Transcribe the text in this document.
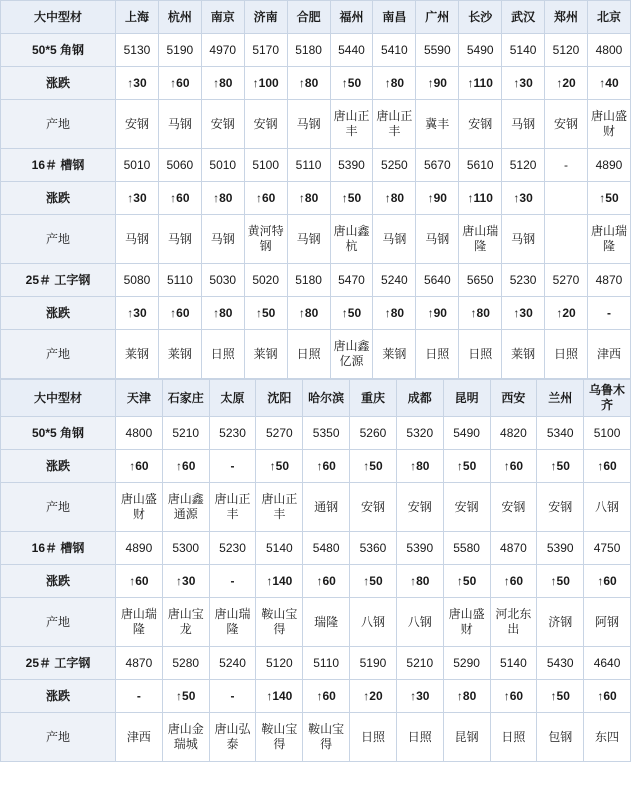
大中型材	上海	杭州	南京	济南	合肥	福州	南昌	广州	长沙	武汉	郑州	北京
50*5 角钢	5130	5190	4970	5170	5180	5440	5410	5590	5490	5140	5120	4800
涨跌	↑30	↑60	↑80	↑100	↑80	↑50	↑80	↑90	↑110	↑30	↑20	↑40
产地	安钢	马钢	安钢	安钢	马钢	唐山正丰	唐山正丰	冀丰	安钢	马钢	安钢	唐山盛财
16＃ 槽钢	5010	5060	5010	5100	5110	5390	5250	5670	5610	5120	-	4890
涨跌	↑30	↑60	↑80	↑60	↑80	↑50	↑80	↑90	↑110	↑30		↑50
产地	马钢	马钢	马钢	黄河特钢	马钢	唐山鑫杭	马钢	马钢	唐山瑞隆	马钢		唐山瑞隆
25＃ 工字钢	5080	5110	5030	5020	5180	5470	5240	5640	5650	5230	5270	4870
涨跌	↑30	↑60	↑80	↑50	↑80	↑50	↑80	↑90	↑80	↑30	↑20	-
产地	莱钢	莱钢	日照	莱钢	日照	唐山鑫亿源	莱钢	日照	日照	莱钢	日照	津西
大中型材	天津	石家庄	太原	沈阳	哈尔滨	重庆	成都	昆明	西安	兰州	乌鲁木齐
50*5 角钢	4800	5210	5230	5270	5350	5260	5320	5490	4820	5340	5100
涨跌	↑60	↑60	-	↑50	↑60	↑50	↑80	↑50	↑60	↑50	↑60
产地	唐山盛财	唐山鑫通源	唐山正丰	唐山正丰	通钢	安钢	安钢	安钢	安钢	安钢	八钢
16＃ 槽钢	4890	5300	5230	5140	5480	5360	5390	5580	4870	5390	4750
涨跌	↑60	↑30	-	↑140	↑60	↑50	↑80	↑50	↑60	↑50	↑60
产地	唐山瑞隆	唐山宝龙	唐山瑞隆	鞍山宝得	瑞隆	八钢	八钢	唐山盛财	河北东出	济钢	阿钢
25＃ 工字钢	4870	5280	5240	5120	5110	5190	5210	5290	5140	5430	4640
涨跌	-	↑50	-	↑140	↑60	↑20	↑30	↑80	↑60	↑50	↑60
产地	津西	唐山金瑞城	唐山弘泰	鞍山宝得	鞍山宝得	日照	日照	昆钢	日照	包钢	东四
